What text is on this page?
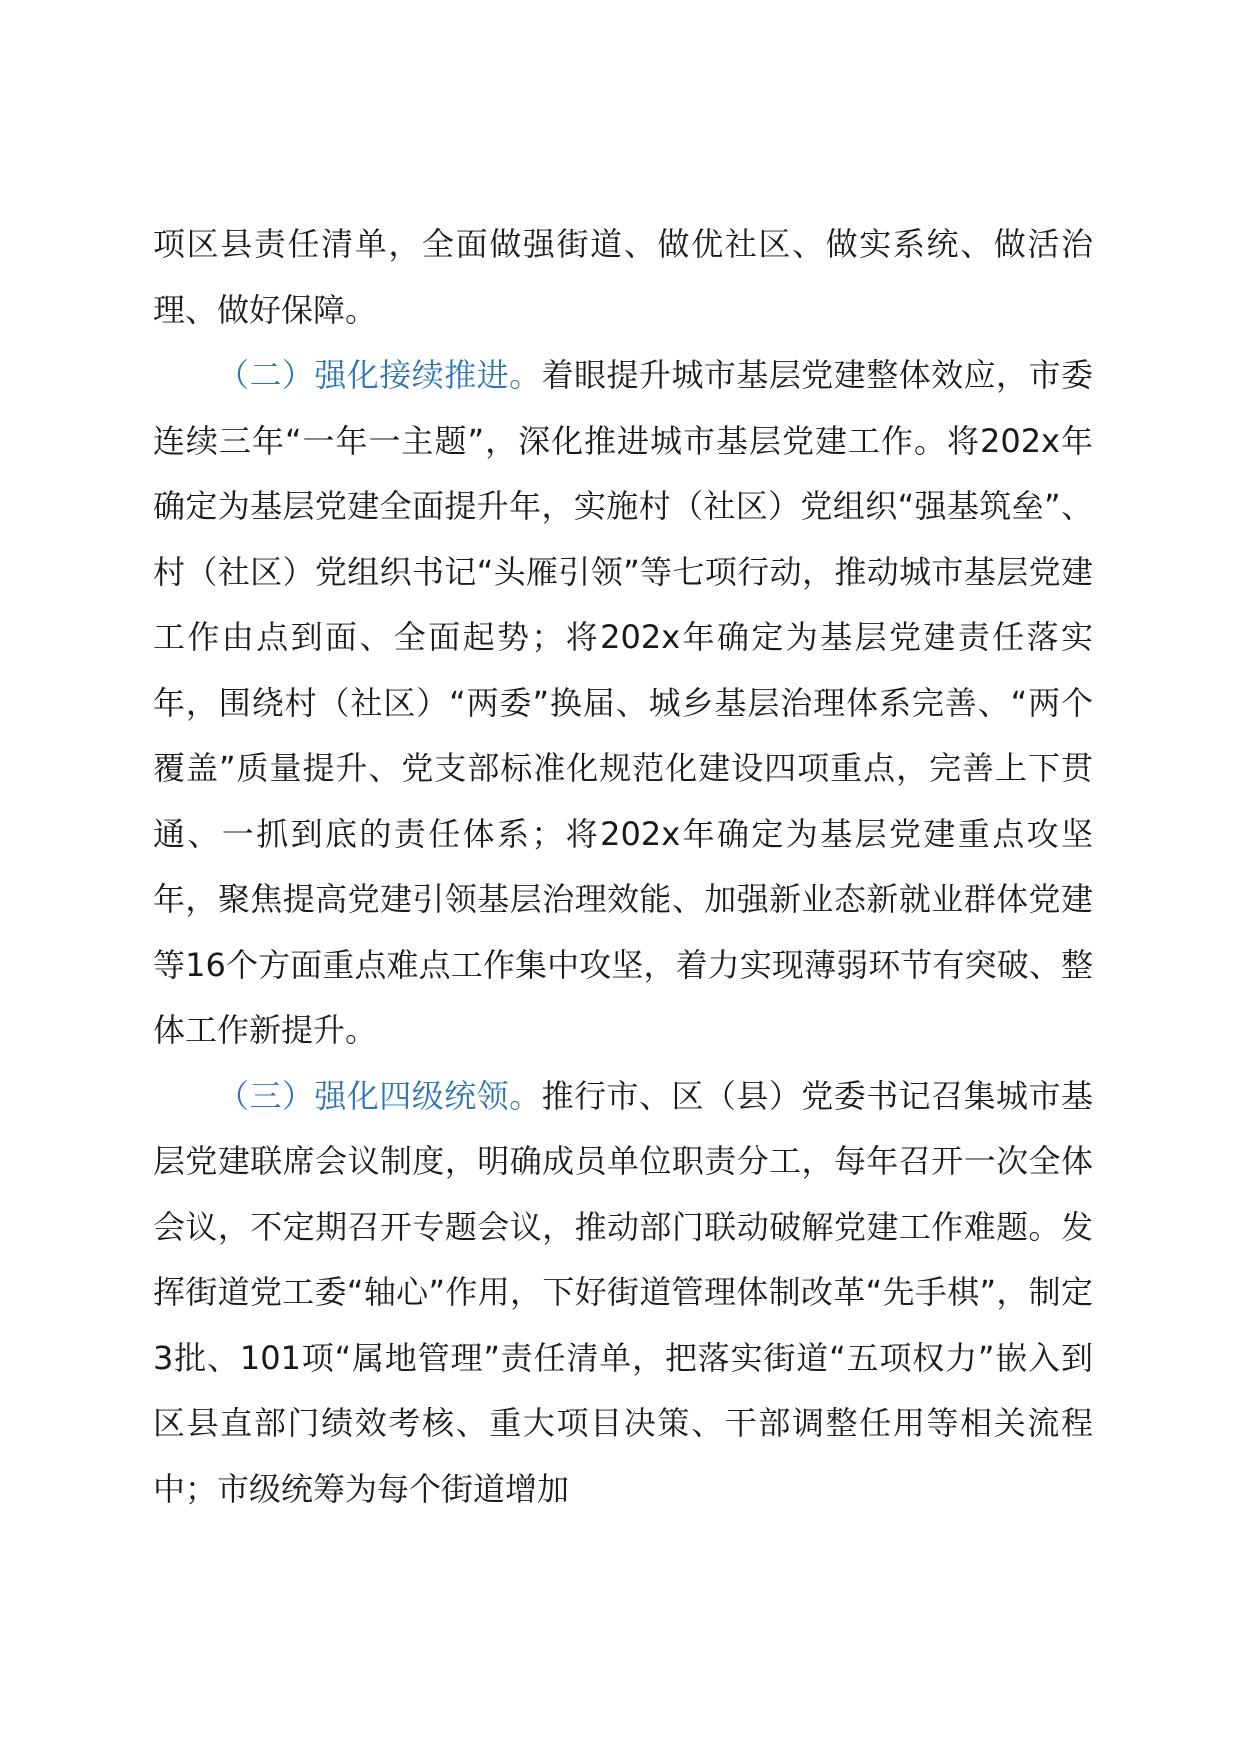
项区县责任清单，全面做强街道、做优社区、做实系统、做活治理、做好保障。

（二）强化接续推进。着眼提升城市基层党建整体效应，市委连续三年“一年一主题”，深化推进城市基层党建工作。将202x年确定为基层党建全面提升年，实施村（社区）党组织“强基筑垒”、村（社区）党组织书记“头雁引领”等七项行动，推动城市基层党建工作由点到面、全面起势；将202x年确定为基层党建责任落实年，围绕村（社区）“两委”换届、城乡基层治理体系完善、“两个覆盖”质量提升、党支部标准化规范化建设四项重点，完善上下贯通、一抓到底的责任体系；将202x年确定为基层党建重点攻坚年，聚焦提高党建引领基层治理效能、加强新业态新就业群体党建等16个方面重点难点工作集中攻坚，着力实现薄弱环节有突破、整体工作新提升。

（三）强化四级统领。推行市、区（县）党委书记召集城市基层党建联席会议制度，明确成员单位职责分工，每年召开一次全体会议，不定期召开专题会议，推动部门联动破解党建工作难题。发挥街道党工委“轴心”作用，下好街道管理体制改革“先手棋”，制定3批、101项“属地管理”责任清单，把落实街道“五项权力”嵌入到区县直部门绩效考核、重大项目决策、干部调整任用等相关流程中；市级统筹为每个街道增加
